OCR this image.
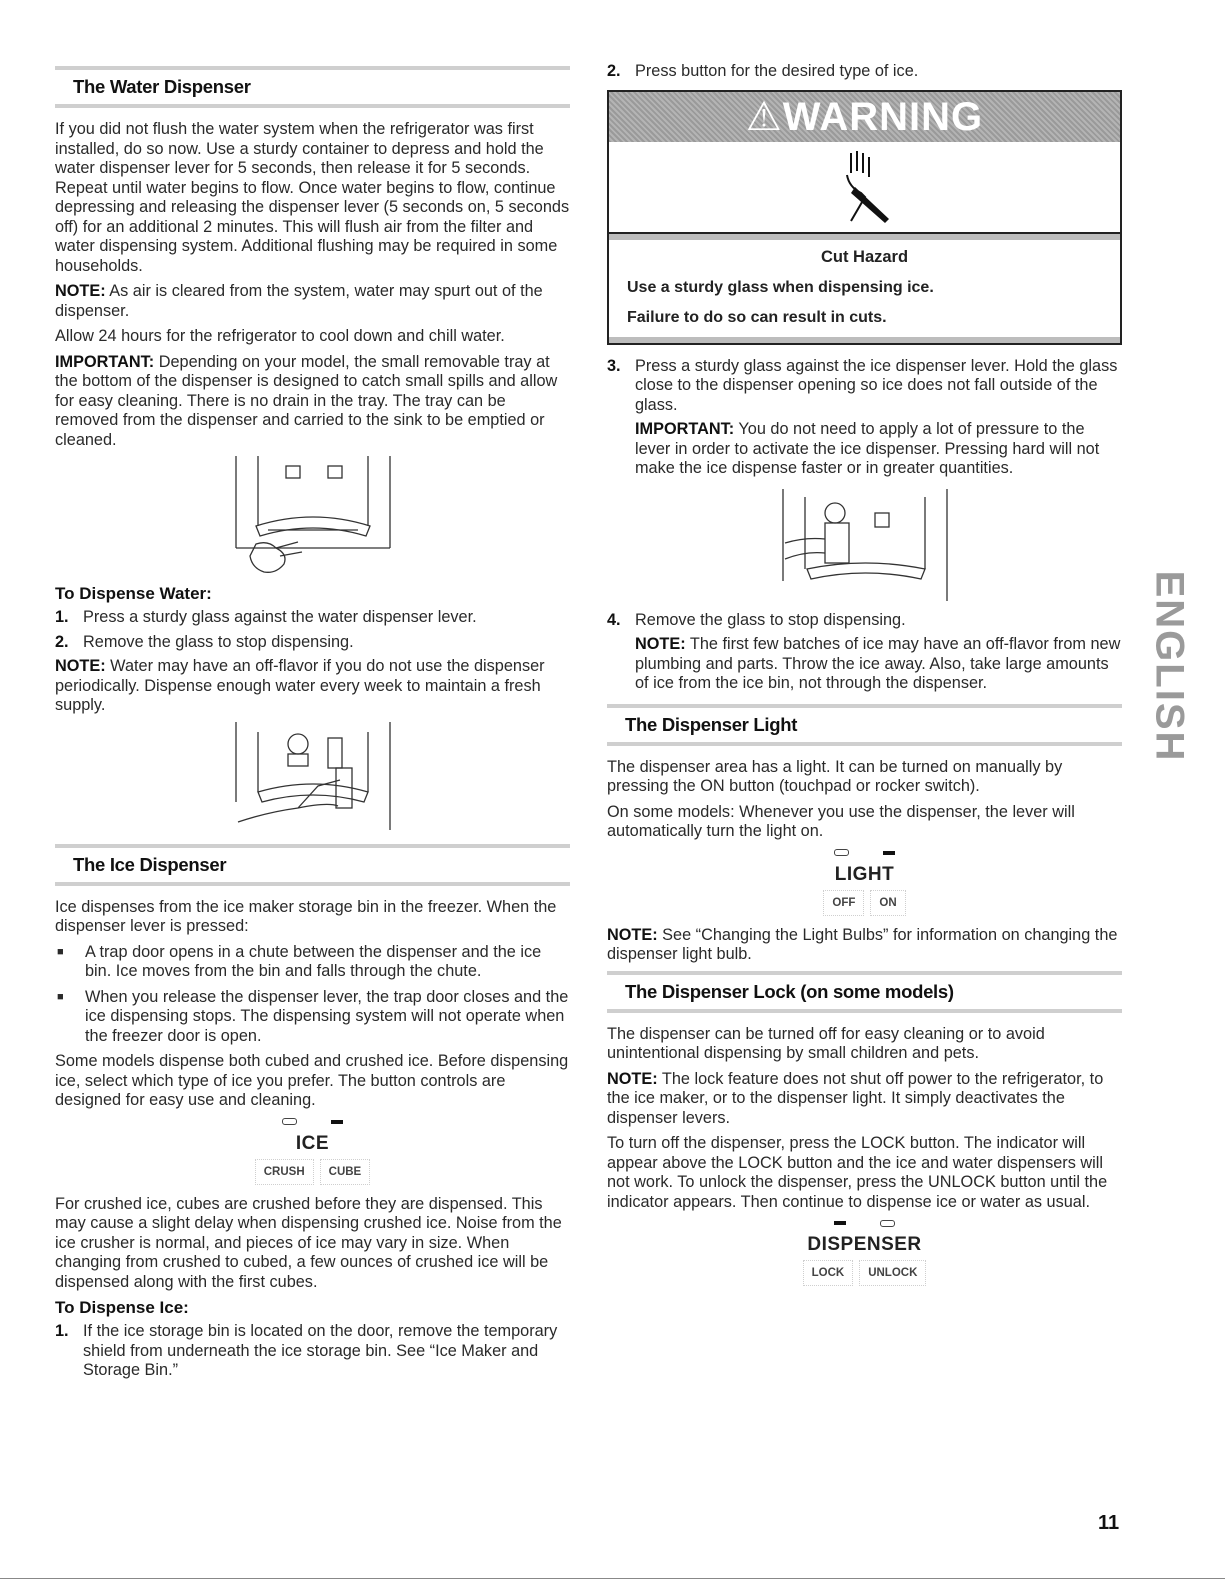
The Water Dispenser

If you did not flush the water system when the refrigerator was first installed, do so now. Use a sturdy container to depress and hold the water dispenser lever for 5 seconds, then release it for 5 seconds. Repeat until water begins to flow. Once water begins to flow, continue depressing and releasing the dispenser lever (5 seconds on, 5 seconds off) for an additional 2 minutes. This will flush air from the filter and water dispensing system. Additional flushing may be required in some households.

NOTE: As air is cleared from the system, water may spurt out of the dispenser.

Allow 24 hours for the refrigerator to cool down and chill water.

IMPORTANT: Depending on your model, the small removable tray at the bottom of the dispenser is designed to catch small spills and allow for easy cleaning. There is no drain in the tray. The tray can be removed from the dispenser and carried to the sink to be emptied or cleaned.

To Dispense Water:
1. Press a sturdy glass against the water dispenser lever.
2. Remove the glass to stop dispensing.

NOTE: Water may have an off-flavor if you do not use the dispenser periodically. Dispense enough water every week to maintain a fresh supply.

The Ice Dispenser

Ice dispenses from the ice maker storage bin in the freezer. When the dispenser lever is pressed:

■	A trap door opens in a chute between the dispenser and the ice bin. Ice moves from the bin and falls through the chute.
■	When you release the dispenser lever, the trap door closes and the ice dispensing stops. The dispensing system will not operate when the freezer door is open.

Some models dispense both cubed and crushed ice. Before dispensing ice, select which type of ice you prefer. The button controls are designed for easy use and cleaning.

ICE
CRUSH	CUBE

For crushed ice, cubes are crushed before they are dispensed. This may cause a slight delay when dispensing crushed ice. Noise from the ice crusher is normal, and pieces of ice may vary in size. When changing from crushed to cubed, a few ounces of crushed ice will be dispensed along with the first cubes.

To Dispense Ice:
1. If the ice storage bin is located on the door, remove the temporary shield from underneath the ice storage bin. See “Ice Maker and Storage Bin.”
2. Press button for the desired type of ice.
⚠WARNING
Cut Hazard
Use a sturdy glass when dispensing ice.
Failure to do so can result in cuts.
3. Press a sturdy glass against the ice dispenser lever. Hold the glass close to the dispenser opening so ice does not fall outside of the glass.

IMPORTANT: You do not need to apply a lot of pressure to the lever in order to activate the ice dispenser. Pressing hard will not make the ice dispense faster or in greater quantities.

4. Remove the glass to stop dispensing.

NOTE: The first few batches of ice may have an off-flavor from new plumbing and parts. Throw the ice away. Also, take large amounts of ice from the ice bin, not through the dispenser.

The Dispenser Light

The dispenser area has a light. It can be turned on manually by pressing the ON button (touchpad or rocker switch).

On some models: Whenever you use the dispenser, the lever will automatically turn the light on.

LIGHT
OFF	ON

NOTE: See “Changing the Light Bulbs” for information on changing the dispenser light bulb.

The Dispenser Lock (on some models)

The dispenser can be turned off for easy cleaning or to avoid unintentional dispensing by small children and pets.

NOTE: The lock feature does not shut off power to the refrigerator, to the ice maker, or to the dispenser light. It simply deactivates the dispenser levers.

To turn off the dispenser, press the LOCK button. The indicator will appear above the LOCK button and the ice and water dispensers will not work. To unlock the dispenser, press the UNLOCK button until the indicator appears. Then continue to dispense ice or water as usual.

DISPENSER
LOCK	UNLOCK
ENGLISH
11
